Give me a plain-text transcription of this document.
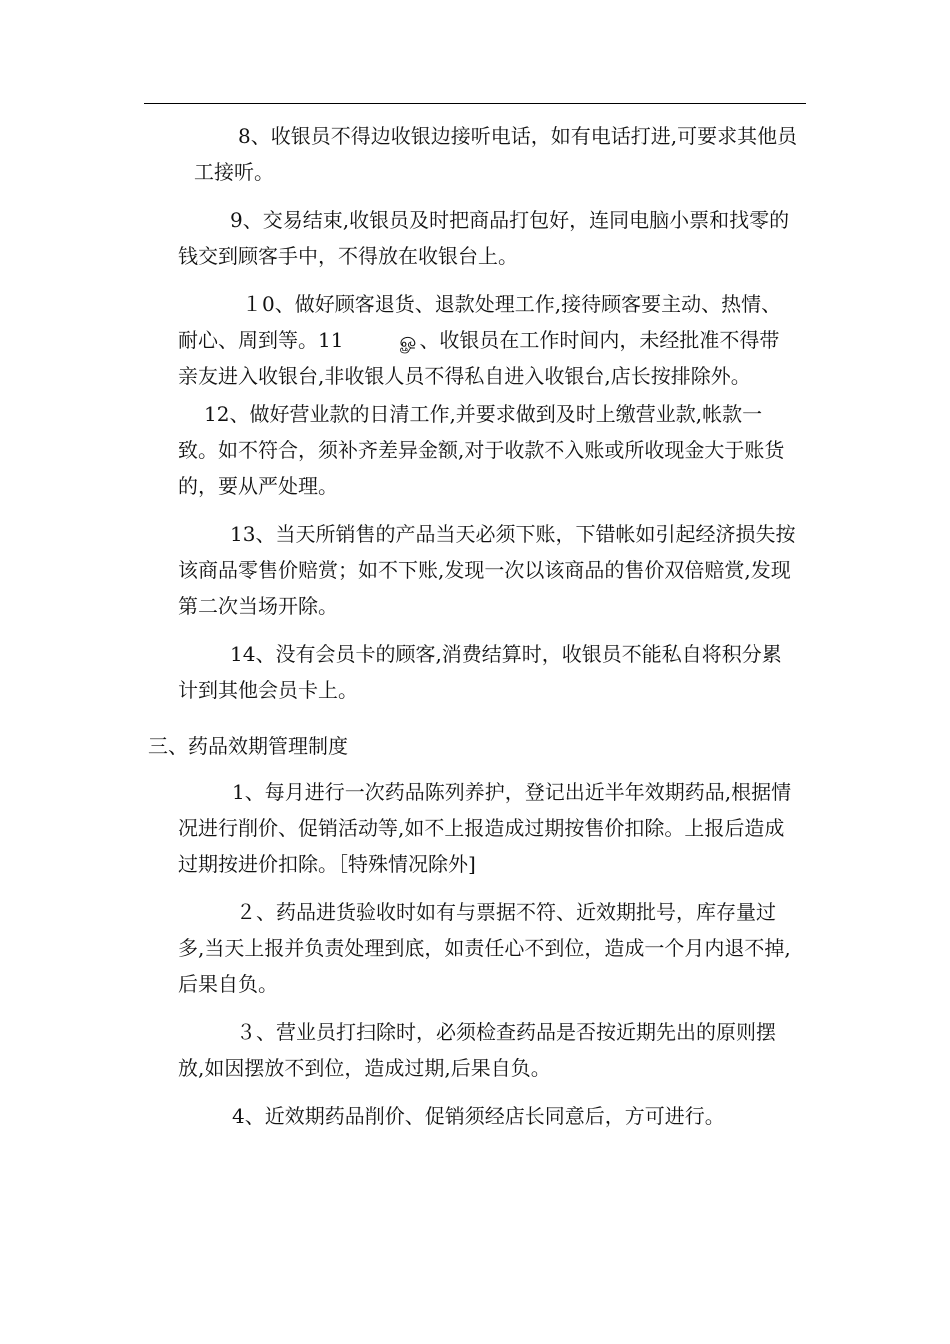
8、收银员不得边收银边接听电话，如有电话打进,可要求其他员工接听。

9、交易结束,收银员及时把商品打包好，连同电脑小票和找零的钱交到顾客手中，不得放在收银台上。

１0、做好顾客退货、退款处理工作,接待顾客要主动、热情、耐心、周到等。11	ௐ、收银员在工作时间内，未经批准不得带亲友进入收银台,非收银人员不得私自进入收银台,店长按排除外。

12、做好营业款的日清工作,并要求做到及时上缴营业款,帐款一致。如不符合，须补齐差异金额,对于收款不入账或所收现金大于账货的，要从严处理。

13、当天所销售的产品当天必须下账，下错帐如引起经济损失按该商品零售价赔赏；如不下账,发现一次以该商品的售价双倍赔赏,发现第二次当场开除。

14、没有会员卡的顾客,消费结算时，收银员不能私自将积分累计到其他会员卡上。

三、药品效期管理制度

1、每月进行一次药品陈列养护，登记出近半年效期药品,根据情况进行削价、促销活动等,如不上报造成过期按售价扣除。上报后造成过期按进价扣除。［特殊情况除外]

２、药品进货验收时如有与票据不符、近效期批号，库存量过多,当天上报并负责处理到底，如责任心不到位，造成一个月内退不掉,后果自负。

３、营业员打扫除时，必须检查药品是否按近期先出的原则摆放,如因摆放不到位，造成过期,后果自负。

4、近效期药品削价、促销须经店长同意后，方可进行。
